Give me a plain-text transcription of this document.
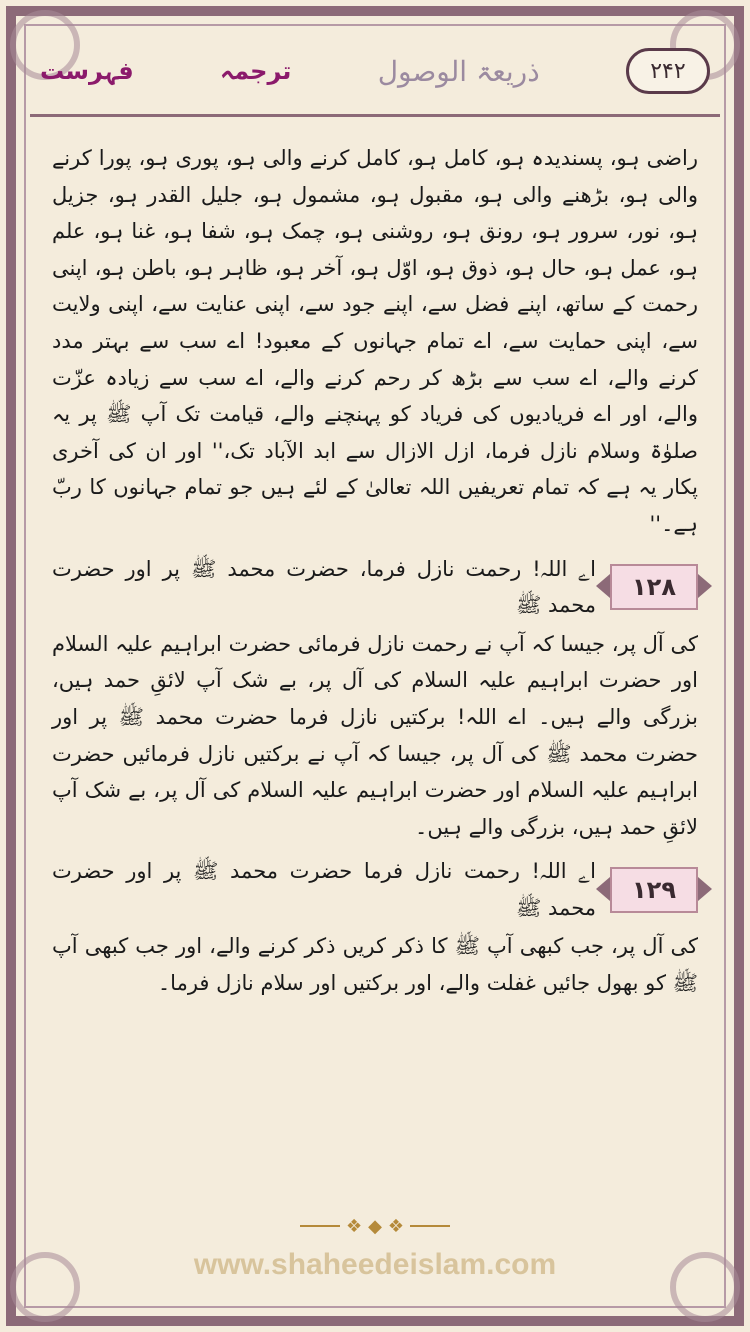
فہرست	ترجمہ	ذریعۃ الوصول	۲۴۲

راضی ہو، پسندیدہ ہو، کامل ہو، کامل کرنے والی ہو، پوری ہو، پورا کرنے والی ہو، بڑھنے والی ہو، مقبول ہو، مشمول ہو، جلیل القدر ہو، جزیل ہو، نور، سرور ہو، رونق ہو، روشنی ہو، چمک ہو، شفا ہو، غنا ہو، علم ہو، عمل ہو، حال ہو، ذوق ہو، اوّل ہو، آخر ہو، ظاہر ہو، باطن ہو، اپنی رحمت کے ساتھ، اپنے فضل سے، اپنے جود سے، اپنی عنایت سے، اپنی ولایت سے، اپنی حمایت سے، اے تمام جہانوں کے معبود! اے سب سے بہتر مدد کرنے والے، اے سب سے بڑھ کر رحم کرنے والے، اے سب سے زیادہ عزّت والے، اور اے فریادیوں کی فریاد کو پہنچنے والے، قیامت تک آپ ﷺ پر یہ صلوٰۃ وسلام نازل فرما، ازل الازال سے ابد الآباد تک،'' اور ان کی آخری پکار یہ ہے کہ تمام تعریفیں اللہ تعالیٰ کے لئے ہیں جو تمام جہانوں کا ربّ ہے۔''

۱۲۸
اے اللہ! رحمت نازل فرما، حضرت محمد ﷺ پر اور حضرت محمد ﷺ

کی آل پر، جیسا کہ آپ نے رحمت نازل فرمائی حضرت ابراہیم علیہ السلام اور حضرت ابراہیم علیہ السلام کی آل پر، بے شک آپ لائقِ حمد ہیں، بزرگی والے ہیں۔ اے اللہ! برکتیں نازل فرما حضرت محمد ﷺ پر اور حضرت محمد ﷺ کی آل پر، جیسا کہ آپ نے برکتیں نازل فرمائیں حضرت ابراہیم علیہ السلام اور حضرت ابراہیم علیہ السلام کی آل پر، بے شک آپ لائقِ حمد ہیں، بزرگی والے ہیں۔

۱۲۹
اے اللہ! رحمت نازل فرما حضرت محمد ﷺ پر اور حضرت محمد ﷺ

کی آل پر، جب کبھی آپ ﷺ کا ذکر کریں ذکر کرنے والے، اور جب کبھی آپ ﷺ کو بھول جائیں غفلت والے، اور برکتیں اور سلام نازل فرما۔

❖ ◆ ❖
www.shaheedeislam.com
